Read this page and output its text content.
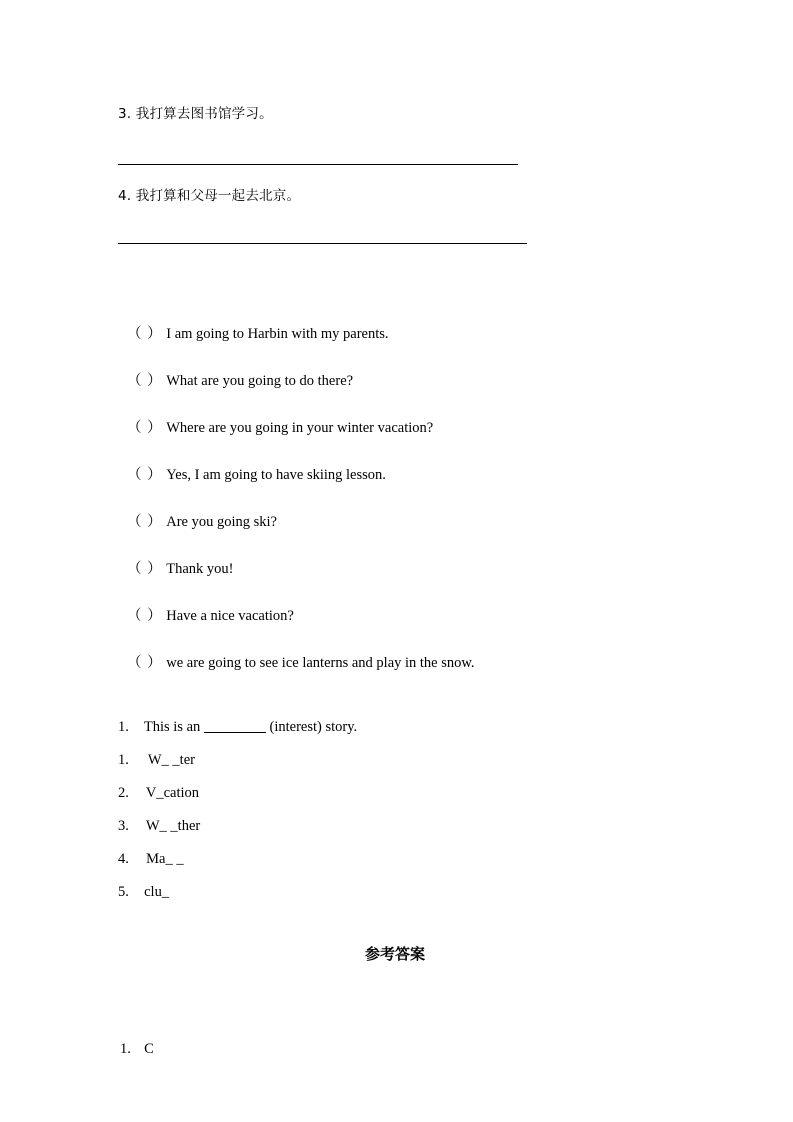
3. 我打算去图书馆学习。
4. 我打算和父母一起去北京。
（ ） I am going to Harbin with my parents.
（ ） What are you going to do there?
（ ） Where are you going in your winter vacation?
（ ） Yes, I am going to have skiing lesson.
（ ） Are you going ski?
（ ） Thank you!
（ ） Have a nice vacation?
（ ） we are going to see ice lanterns and play in the snow.
1. This is an	(interest) story.
1. W_ _ter
2. V_cation
3. W_ _ther
4. Ma_ _
5. clu_
参考答案
1. C
